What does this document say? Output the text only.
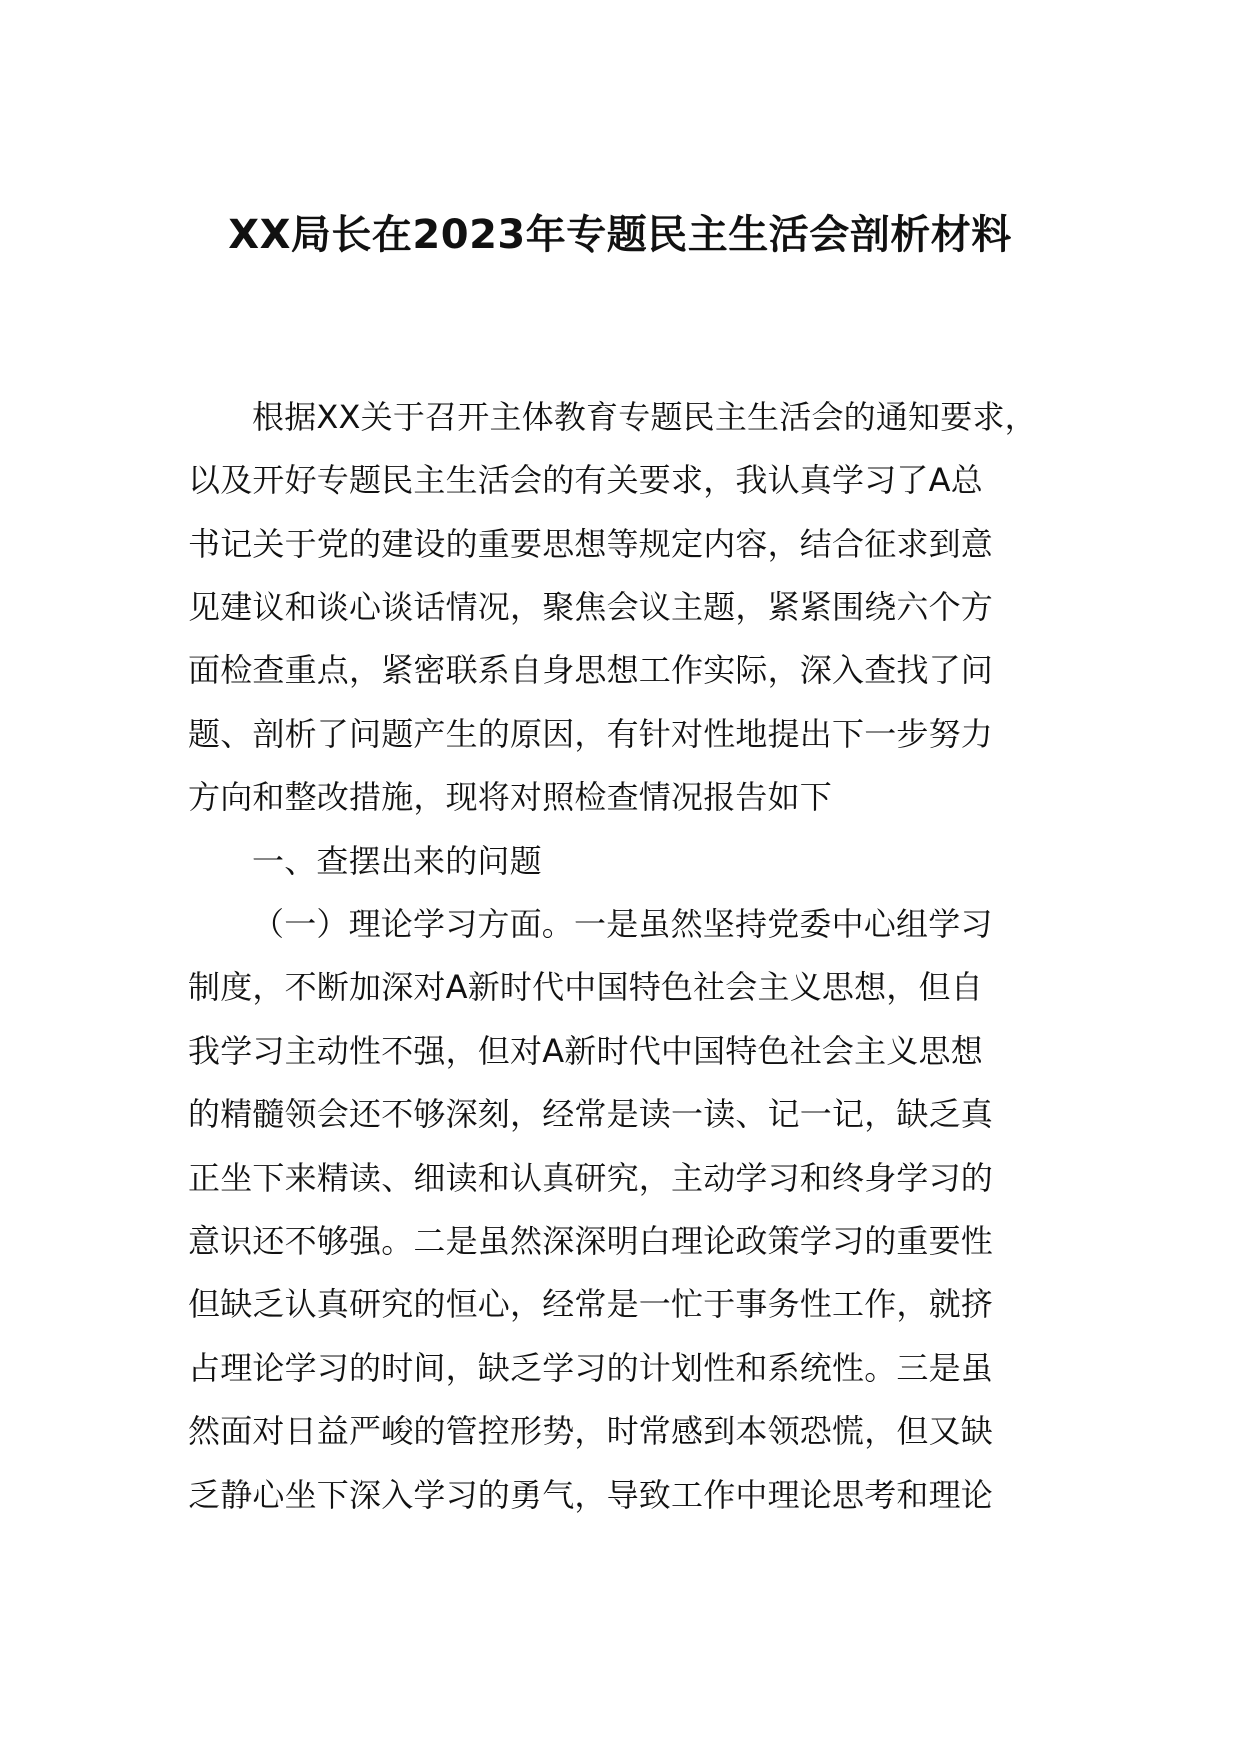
XX局长在2023年专题民主生活会剖析材料
根据XX关于召开主体教育专题民主生活会的通知要求，
以及开好专题民主生活会的有关要求，我认真学习了A总
书记关于党的建设的重要思想等规定内容，结合征求到意
见建议和谈心谈话情况，聚焦会议主题，紧紧围绕六个方
面检查重点，紧密联系自身思想工作实际，深入查找了问
题、剖析了问题产生的原因，有针对性地提出下一步努力
方向和整改措施，现将对照检查情况报告如下
一、查摆出来的问题
（一）理论学习方面。一是虽然坚持党委中心组学习
制度，不断加深对A新时代中国特色社会主义思想，但自
我学习主动性不强，但对A新时代中国特色社会主义思想
的精髓领会还不够深刻，经常是读一读、记一记，缺乏真
正坐下来精读、细读和认真研究，主动学习和终身学习的
意识还不够强。二是虽然深深明白理论政策学习的重要性
但缺乏认真研究的恒心，经常是一忙于事务性工作，就挤
占理论学习的时间，缺乏学习的计划性和系统性。三是虽
然面对日益严峻的管控形势，时常感到本领恐慌，但又缺
乏静心坐下深入学习的勇气，导致工作中理论思考和理论
